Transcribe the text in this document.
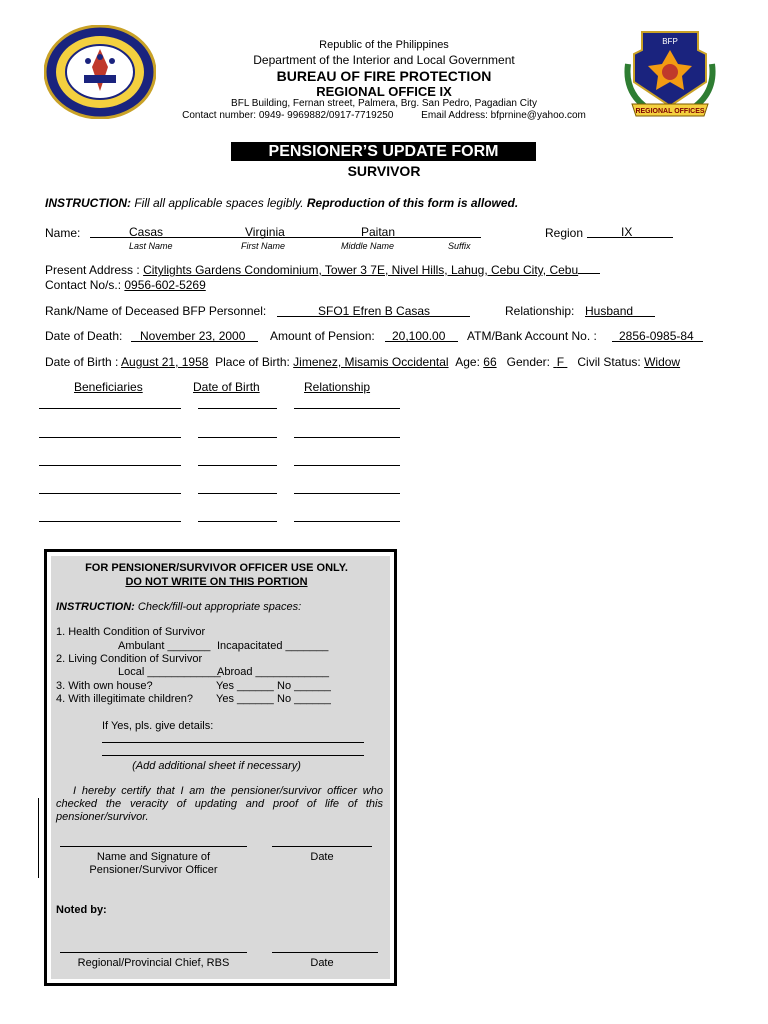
BFP
REGIONAL OFFICES
Republic of the Philippines
Department of the Interior and Local Government
BUREAU OF FIRE PROTECTION
REGIONAL OFFICE IX
BFL Building, Fernan street, Palmera, Brg. San Pedro, Pagadian City
Contact number: 0949- 9969882/0917-7719250          Email Address: bfprnine@yahoo.com
PENSIONER’S UPDATE FORM
SURVIVOR
INSTRUCTION: Fill all applicable spaces legibly. Reproduction of this form is allowed.
Name:	Casas	Virginia	Paitan
Last Name	First Name	Middle Name	Suffix
Region	IX
Present Address : Citylights Gardens Condominium, Tower 3 7E, Nivel Hills, Lahug, Cebu City, Cebu
Contact No/s.: 0956-602-5269
Rank/Name of Deceased BFP Personnel:	SFO1 Efren B Casas	Relationship: Husband
Date of Death: November 23, 2000 Amount of Pension: 20,100.00 ATM/Bank Account No. : 2856-0985-84
Date of Birth : August 21, 1958 Place of Birth: Jimenez, Misamis Occidental Age: 66 Gender: F Civil Status: Widow
Beneficiaries	Date of Birth	Relationship
FOR PENSIONER/SURVIVOR OFFICER USE ONLY.
DO NOT WRITE ON THIS PORTION
INSTRUCTION: Check/fill-out appropriate spaces:
1. Health Condition of Survivor
Ambulant _______ Incapacitated _______
2. Living Condition of Survivor
Local ____________
Abroad ____________
3. With own house?	Yes ______ No ______
4. With illegitimate children? Yes ______ No ______
If Yes, pls. give details:
(Add additional sheet if necessary)
I hereby certify that I am the pensioner/survivor officer who checked the veracity of updating and proof of life of this pensioner/survivor.
Name and Signature of
Pensioner/Survivor Officer
Date
Noted by:
Regional/Provincial Chief, RBS	Date
